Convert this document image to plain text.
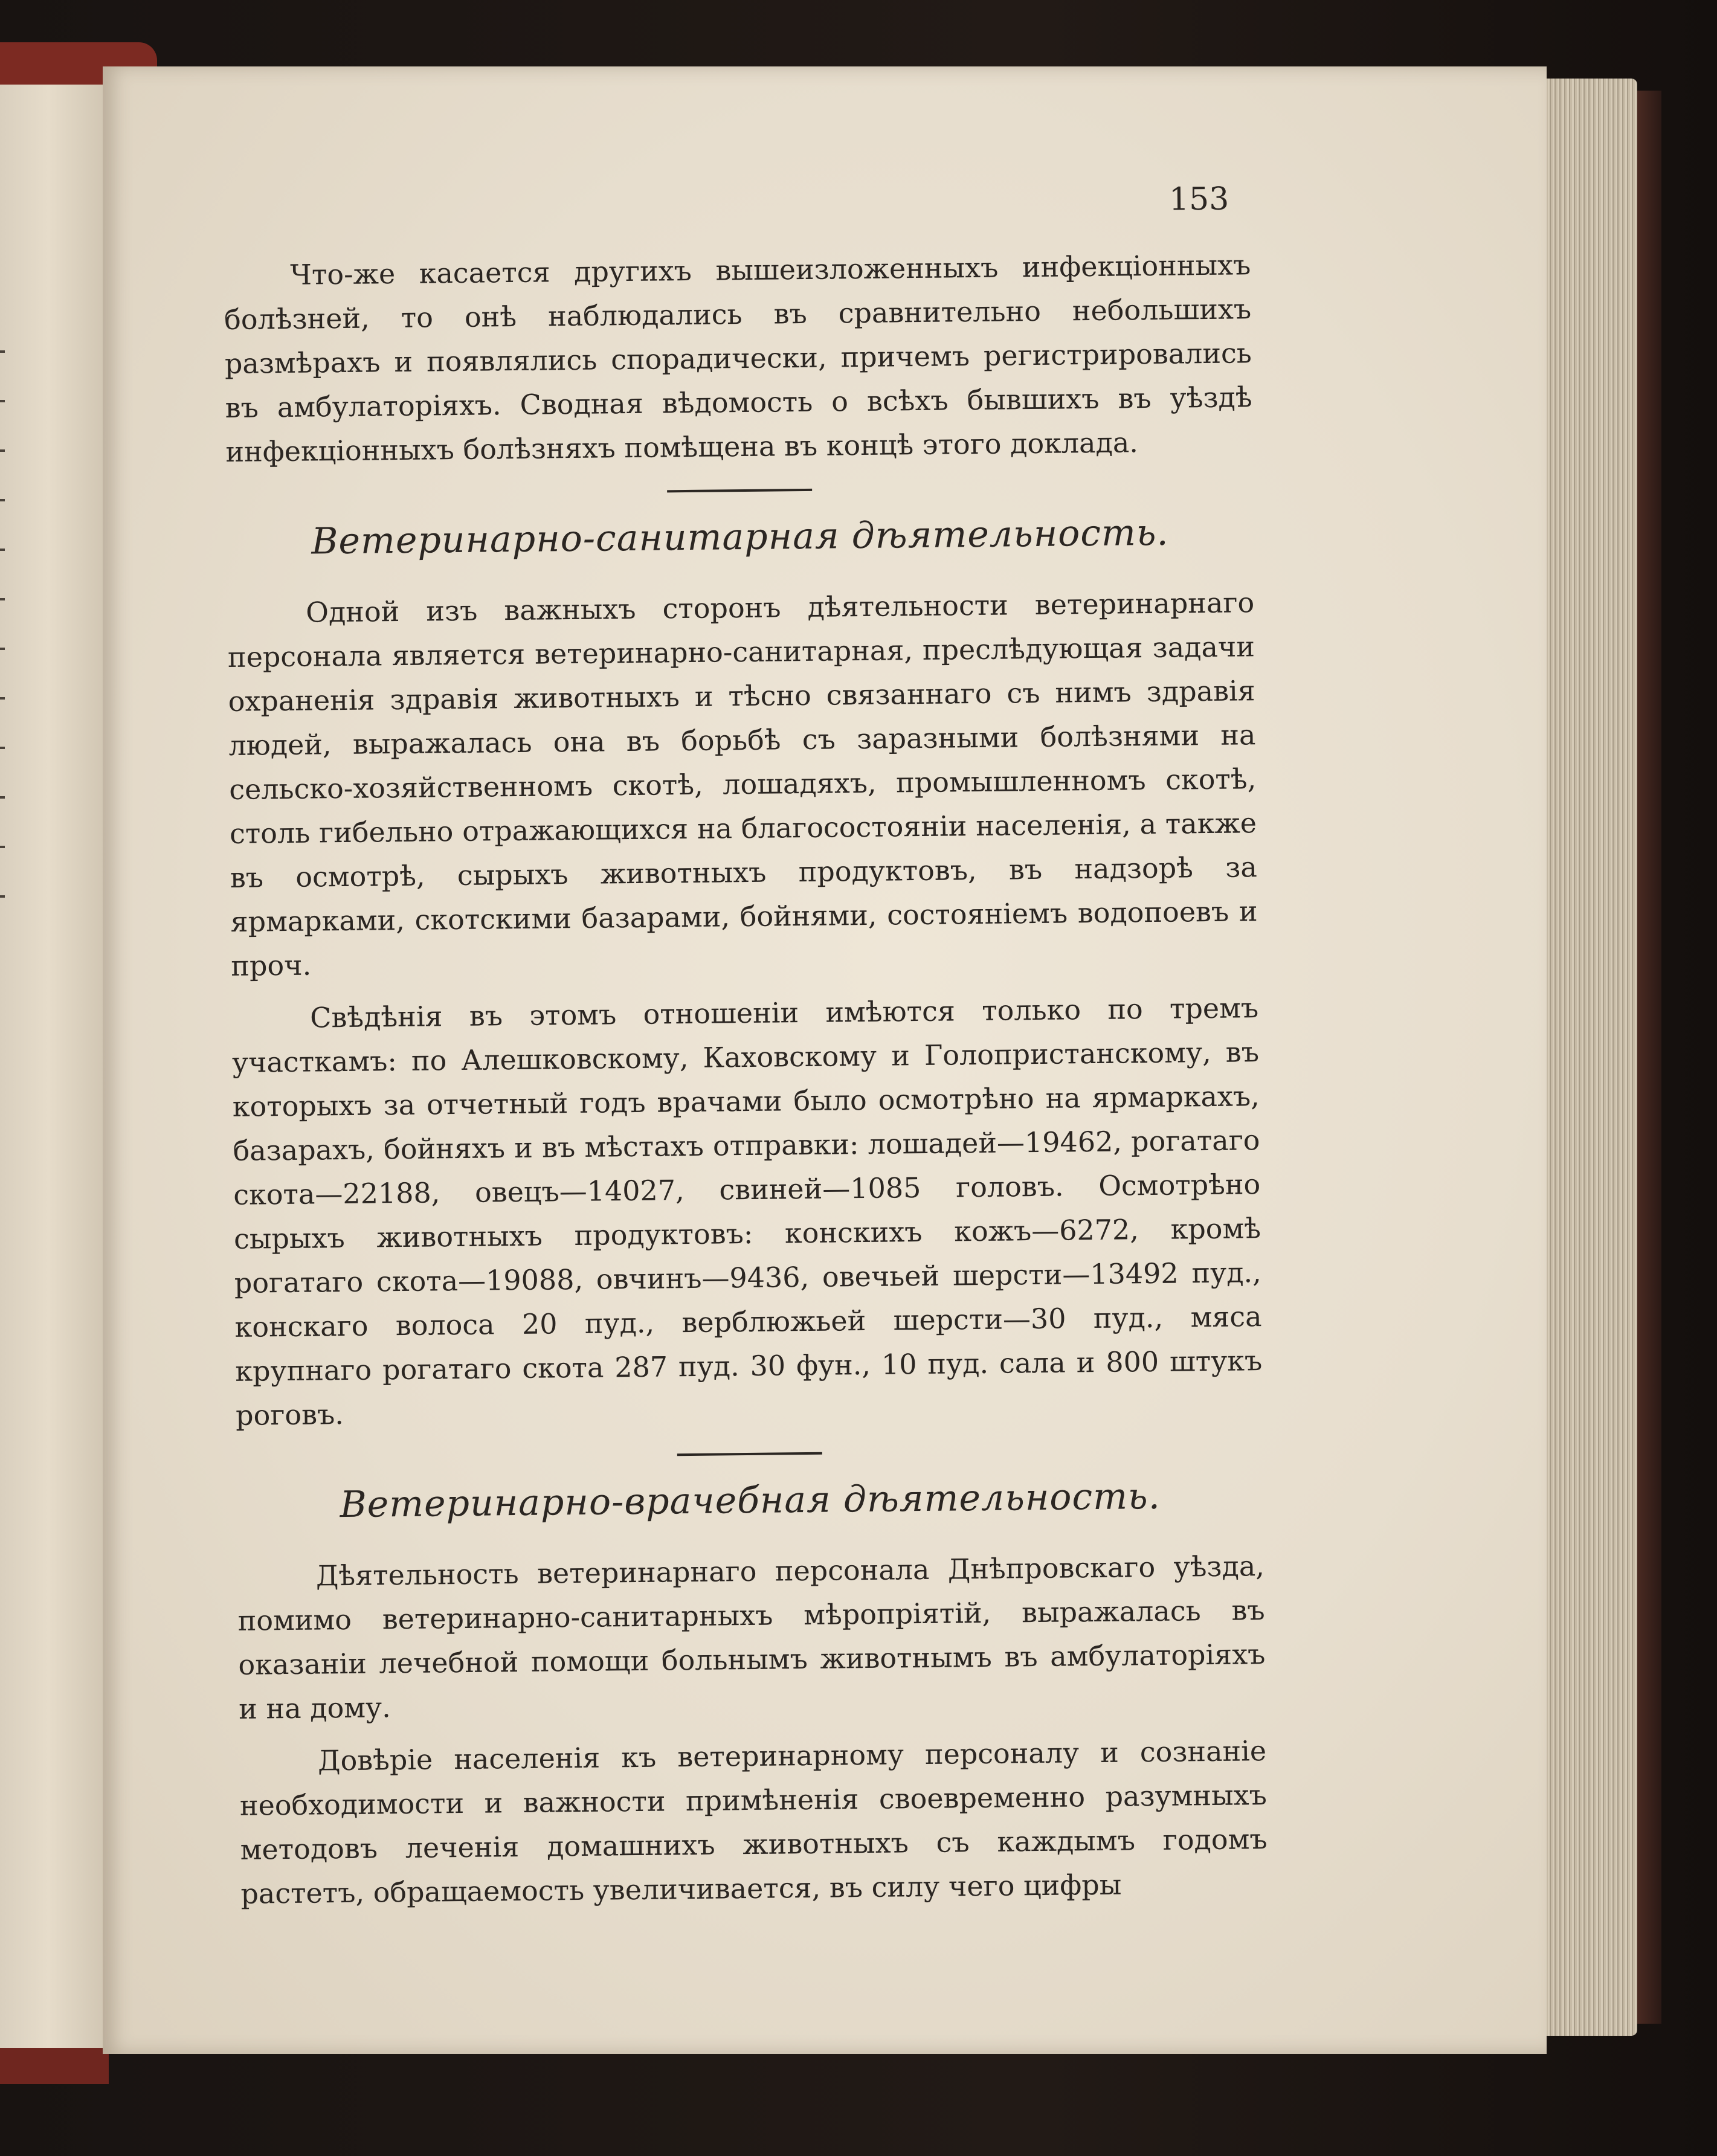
153

Что-же касается другихъ вышеизложенныхъ инфекціонныхъ болѣзней, то онѣ наблюдались въ сравнительно небольшихъ размѣрахъ и появлялись спорадически, причемъ регистрировались въ амбулаторіяхъ. Сводная вѣдомость о всѣхъ бывшихъ въ уѣздѣ инфекціонныхъ болѣзняхъ помѣщена въ концѣ этого доклада.

Ветеринарно-санитарная дѣятельность.

Одной изъ важныхъ сторонъ дѣятельности ветеринарнаго персонала является ветеринарно-санитарная, преслѣдующая задачи охраненія здравія животныхъ и тѣсно связаннаго съ нимъ здравія людей, выражалась она въ борьбѣ съ заразными болѣзнями на сельско-хозяйственномъ скотѣ, лошадяхъ, промышленномъ скотѣ, столь гибельно отражающихся на благосостояніи населенія, а также въ осмотрѣ, сырыхъ животныхъ продуктовъ, въ надзорѣ за ярмарками, скотскими базарами, бойнями, состояніемъ водопоевъ и проч.

Свѣдѣнія въ этомъ отношеніи имѣются только по тремъ участкамъ: по Алешковскому, Каховскому и Голопристанскому, въ которыхъ за отчетный годъ врачами было осмотрѣно на ярмаркахъ, базарахъ, бойняхъ и въ мѣстахъ отправки: лошадей—19462, рогатаго скота—22188, овецъ—14027, свиней—1085 головъ. Осмотрѣно сырыхъ животныхъ продуктовъ: конскихъ кожъ—6272, кромѣ рогатаго скота—19088, овчинъ—9436, овечьей шерсти—13492 пуд., конскаго волоса 20 пуд., верблюжьей шерсти—30 пуд., мяса крупнаго рогатаго скота 287 пуд. 30 фун., 10 пуд. сала и 800 штукъ роговъ.

Ветеринарно-врачебная дѣятельность.

Дѣятельность ветеринарнаго персонала Днѣпровскаго уѣзда, помимо ветеринарно-санитарныхъ мѣропріятій, выражалась въ оказаніи лечебной помощи больнымъ животнымъ въ амбулаторіяхъ и на дому.

Довѣріе населенія къ ветеринарному персоналу и сознаніе необходимости и важности примѣненія своевременно разумныхъ методовъ леченія домашнихъ животныхъ съ каждымъ годомъ растетъ, обращаемость увеличивается, въ силу чего цифры
